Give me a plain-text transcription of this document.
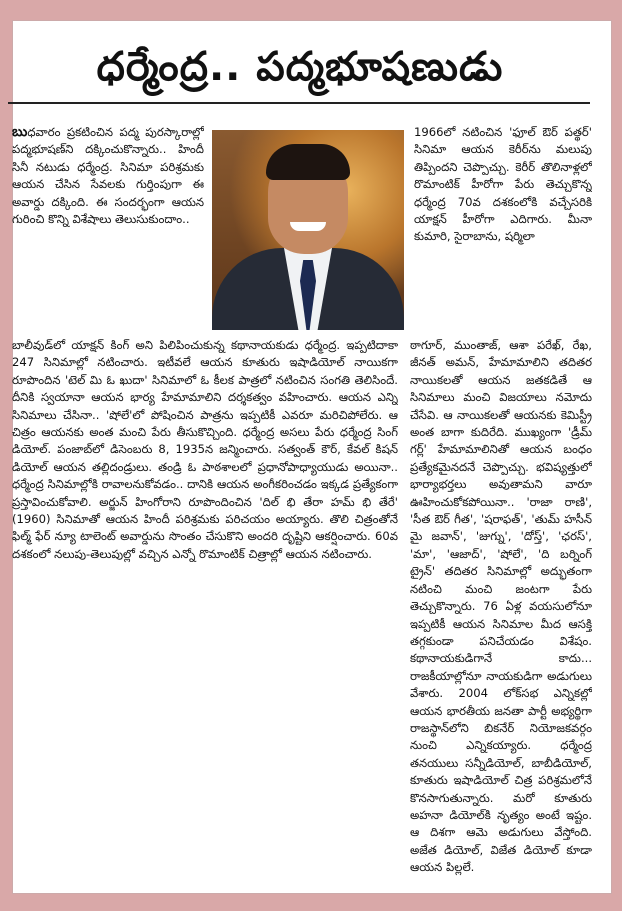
ధర్మేంద్ర.. పద్మభూషణుడు

బుధవారం ప్రకటించిన పద్మ పురస్కారాల్లో పద్మభూషణ్‌ని దక్కించుకొన్నారు.. హిందీ సినీ నటుడు ధర్మేంద్ర. సినిమా పరిశ్రమకు ఆయన చేసిన సేవలకు గుర్తింపుగా ఈ అవార్డు దక్కింది. ఈ సందర్భంగా ఆయన గురించి కొన్ని విశేషాలు తెలుసుకుందాం..

1966లో నటించిన 'ఫూల్ ఔర్ పత్థర్' సినిమా ఆయన కెరీర్‌ను మలుపు తిప్పిందని చెప్పొచ్చు. కెరీర్ తొలినాళ్లలో రొమాంటిక్ హీరోగా పేరు తెచ్చుకొన్న ధర్మేంద్ర 70వ దశకంలోకి వచ్చేసరికి యాక్షన్ హీరోగా ఎదిగారు. మీనా కుమారి, సైరాబాను, షర్మిలా

బాలీవుడ్‌లో యాక్షన్ కింగ్ అని పిలిపించుకున్న కథానాయకుడు ధర్మేంద్ర. ఇప్పటిదాకా 247 సినిమాల్లో నటించారు. ఇటీవలే ఆయన కూతురు ఇషాడియోల్ నాయికగా రూపొందిన 'టెల్ మి ఓ ఖుదా' సినిమాలో ఓ కీలక పాత్రలో నటించిన సంగతి తెలిసిందే. దీనికి స్వయానా ఆయన భార్య హేమామాలిని దర్శకత్వం వహించారు. ఆయన ఎన్ని సినిమాలు చేసినా.. 'షోలే'లో పోషించిన పాత్రను ఇప్పటికీ ఎవరూ మరిచిపోలేరు. ఆ చిత్రం ఆయనకు అంత మంచి పేరు తీసుకొచ్చింది. ధర్మేంద్ర అసలు పేరు ధర్మేంద్ర సింగ్ డియోల్. పంజాబ్‌లో డిసెంబరు 8, 1935న జన్మించారు. సత్వంత్ కౌర్, కేవల్ కిషన్ డియోల్ ఆయన తల్లిదండ్రులు. తండ్రి ఓ పాఠశాలలో ప్రధానోపాధ్యాయుడు అయినా.. ధర్మేంద్ర సినిమాల్లోకి రావాలనుకోవడం.. దానికి ఆయన అంగీకరించడం ఇక్కడ ప్రత్యేకంగా ప్రస్తావించుకోవాలి. అర్జున్ హింగోరాని రూపొందించిన 'దిల్ భి తేరా హమ్ భి తేరే' (1960) సినిమాతో ఆయన హిందీ పరిశ్రమకు పరిచయం అయ్యారు. తొలి చిత్రంతోనే ఫిల్మ్ ఫేర్ న్యూ టాలెంట్ అవార్డును సొంతం చేసుకొని అందరి దృష్టిని ఆకర్షించారు. 60వ దశకంలో నలుపు-తెలుపుల్లో వచ్చిన ఎన్నో రొమాంటిక్ చిత్రాల్లో ఆయన నటించారు.

ఠాగూర్, ముంతాజ్, ఆశా పరేఖ్, రేఖ, జీనత్ అమన్, హేమామాలిని తదితర నాయికలతో ఆయన జతకడితే ఆ సినిమాలు మంచి విజయాలు నమోదు చేసేవి. ఆ నాయికలతో ఆయనకు కెమిస్ట్రీ అంత బాగా కుదిరేది. ముఖ్యంగా 'డ్రీమ్ గర్ల్' హేమామాలినితో ఆయన బంధం ప్రత్యేకమైనదనే చెప్పొచ్చు. భవిష్యత్తులో భార్యాభర్తలు అవుతామని వారూ ఊహించుకోకపోయినా.. 'రాజా రాణి', 'సీత ఔర్ గీత', 'షరాఫత్', 'తుమ్ హసీన్ మై జవాన్', 'జుగ్ను', 'దోస్త్', 'ఛరస్', 'మా', 'ఆజాద్', 'షోలే', 'ది బర్నింగ్ ట్రైన్' తదితర సినిమాల్లో అద్భుతంగా నటించి మంచి జంటగా పేరు తెచ్చుకొన్నారు. 76 ఏళ్ల వయసులోనూ ఇప్పటికీ ఆయన సినిమాల మీద ఆసక్తి తగ్గకుండా పనిచేయడం విశేషం. కథానాయకుడిగానే కాదు... రాజకీయాల్లోనూ నాయకుడిగా అడుగులు వేశారు. 2004 లోక్‌సభ ఎన్నికల్లో ఆయన భారతీయ జనతా పార్టీ అభ్యర్థిగా రాజస్థాన్‌లోని బికనేర్ నియోజకవర్గం నుంచి ఎన్నికయ్యారు. ధర్మేంద్ర తనయులు సన్నీడియోల్, బాబీడియోల్, కూతురు ఇషాడియోల్ చిత్ర పరిశ్రమలోనే కొనసాగుతున్నారు. మరో కూతురు అహనా డియోల్‌కి నృత్యం అంటే ఇష్టం. ఆ దిశగా ఆమె అడుగులు వేస్తోంది. అజేత డియోల్, విజేత డియోల్ కూడా ఆయన పిల్లలే.
